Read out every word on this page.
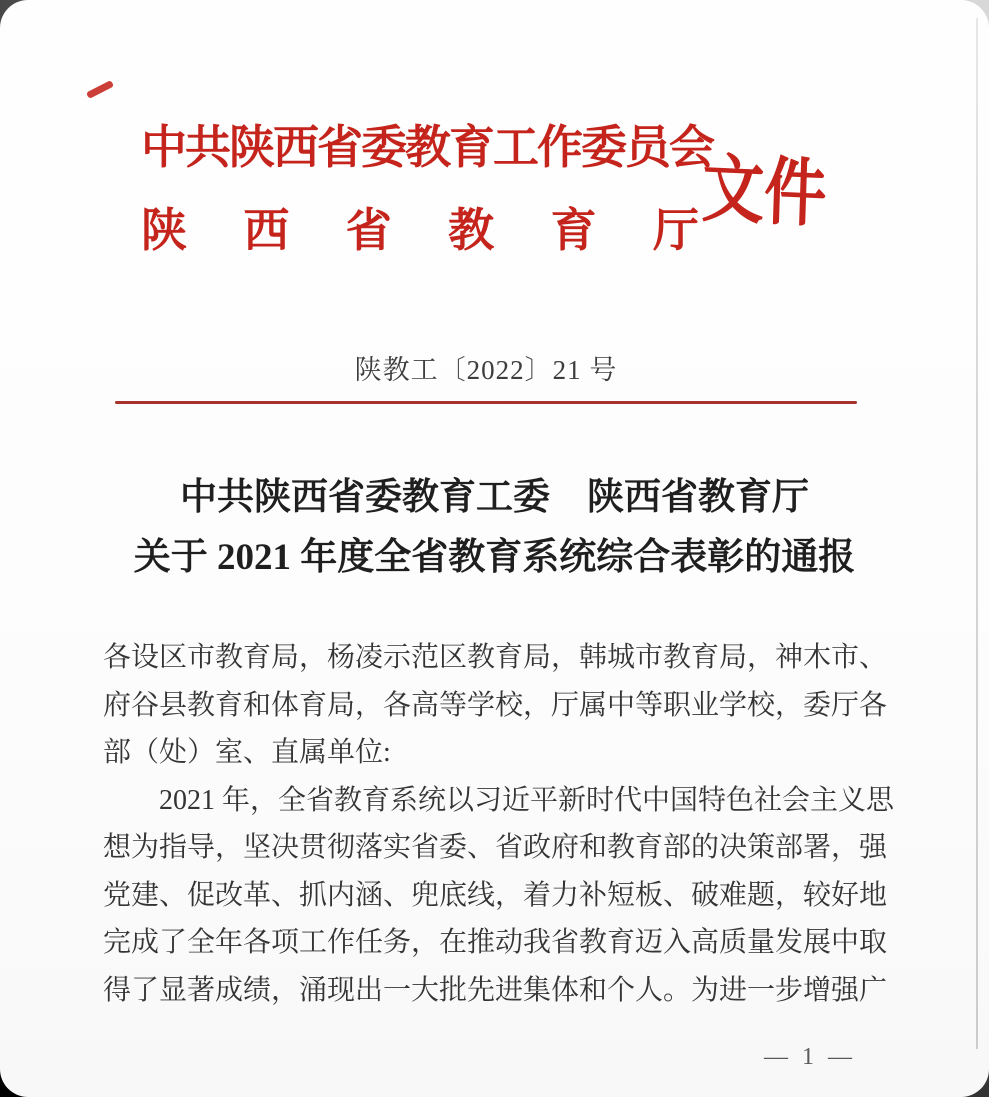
中共陕西省委教育工作委员会
陕 西 省 教 育 厅 文件
陕教工〔2022〕21 号
中共陕西省委教育工委　陕西省教育厅
关于 2021 年度全省教育系统综合表彰的通报
各设区市教育局，杨凌示范区教育局，韩城市教育局，神木市、
府谷县教育和体育局，各高等学校，厅属中等职业学校，委厅各
部（处）室、直属单位:
2021 年，全省教育系统以习近平新时代中国特色社会主义思
想为指导，坚决贯彻落实省委、省政府和教育部的决策部署，强
党建、促改革、抓内涵、兜底线，着力补短板、破难题，较好地
完成了全年各项工作任务，在推动我省教育迈入高质量发展中取
得了显著成绩，涌现出一大批先进集体和个人。为进一步增强广
— 1 —
